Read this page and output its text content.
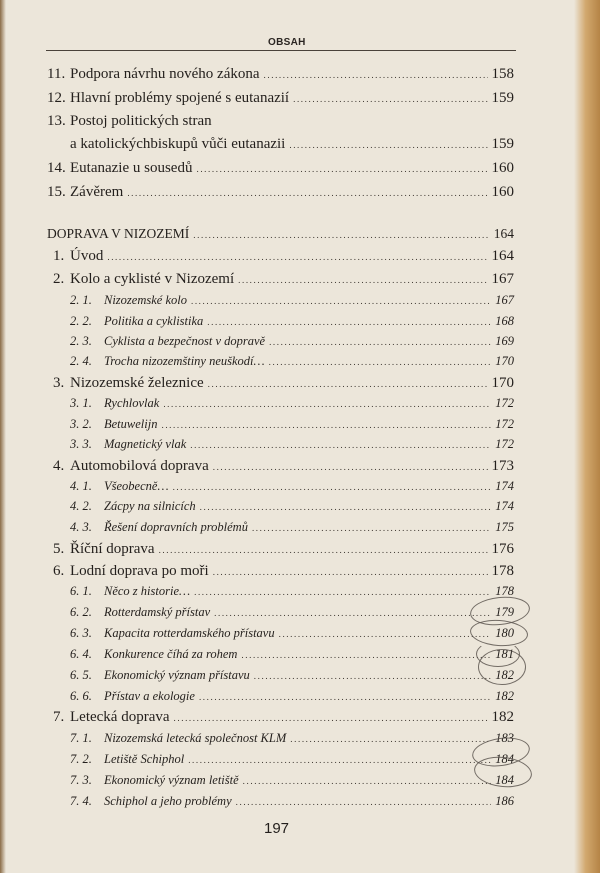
OBSAH
11. Podpora návrhu nového zákona .....	158
12. Hlavní problémy spojené s eutanazií .....	159
13. Postoj politických stran
a katolickýchbiskupů vůči eutanazii .....	159
14. Eutanazie u sousedů .....	160
15. Závěrem .....	160
DOPRAVA V NIZOZEMÍ .....	164
1. Úvod .....	164
2. Kolo a cyklisté v Nizozemí .....	167
2. 1. Nizozemské kolo .....	167
2. 2. Politika a cyklistika .....	168
2. 3. Cyklista a bezpečnost v dopravě .....	169
2. 4. Trocha nizozemštiny neuškodí… .....	170
3. Nizozemské železnice .....	170
3. 1. Rychlovlak .....	172
3. 2. Betuwelijn .....	172
3. 3. Magnetický vlak .....	172
4. Automobilová doprava .....	173
4. 1. Všeobecně… .....	174
4. 2. Zácpy na silnicích .....	174
4. 3. Řešení dopravních problémů .....	175
5. Říční doprava .....	176
6. Lodní doprava po moři .....	178
6. 1. Něco z historie… .....	178
6. 2. Rotterdamský přístav .....	179
6. 3. Kapacita rotterdamského přístavu .....	180
6. 4. Konkurence číhá za rohem .....	181
6. 5. Ekonomický význam přístavu .....	182
6. 6. Přístav a ekologie .....	182
7. Letecká doprava .....	182
7. 1. Nizozemská letecká společnost KLM .....	183
7. 2. Letiště Schiphol .....	184
7. 3. Ekonomický význam letiště .....	184
7. 4. Schiphol a jeho problémy .....	186
197
